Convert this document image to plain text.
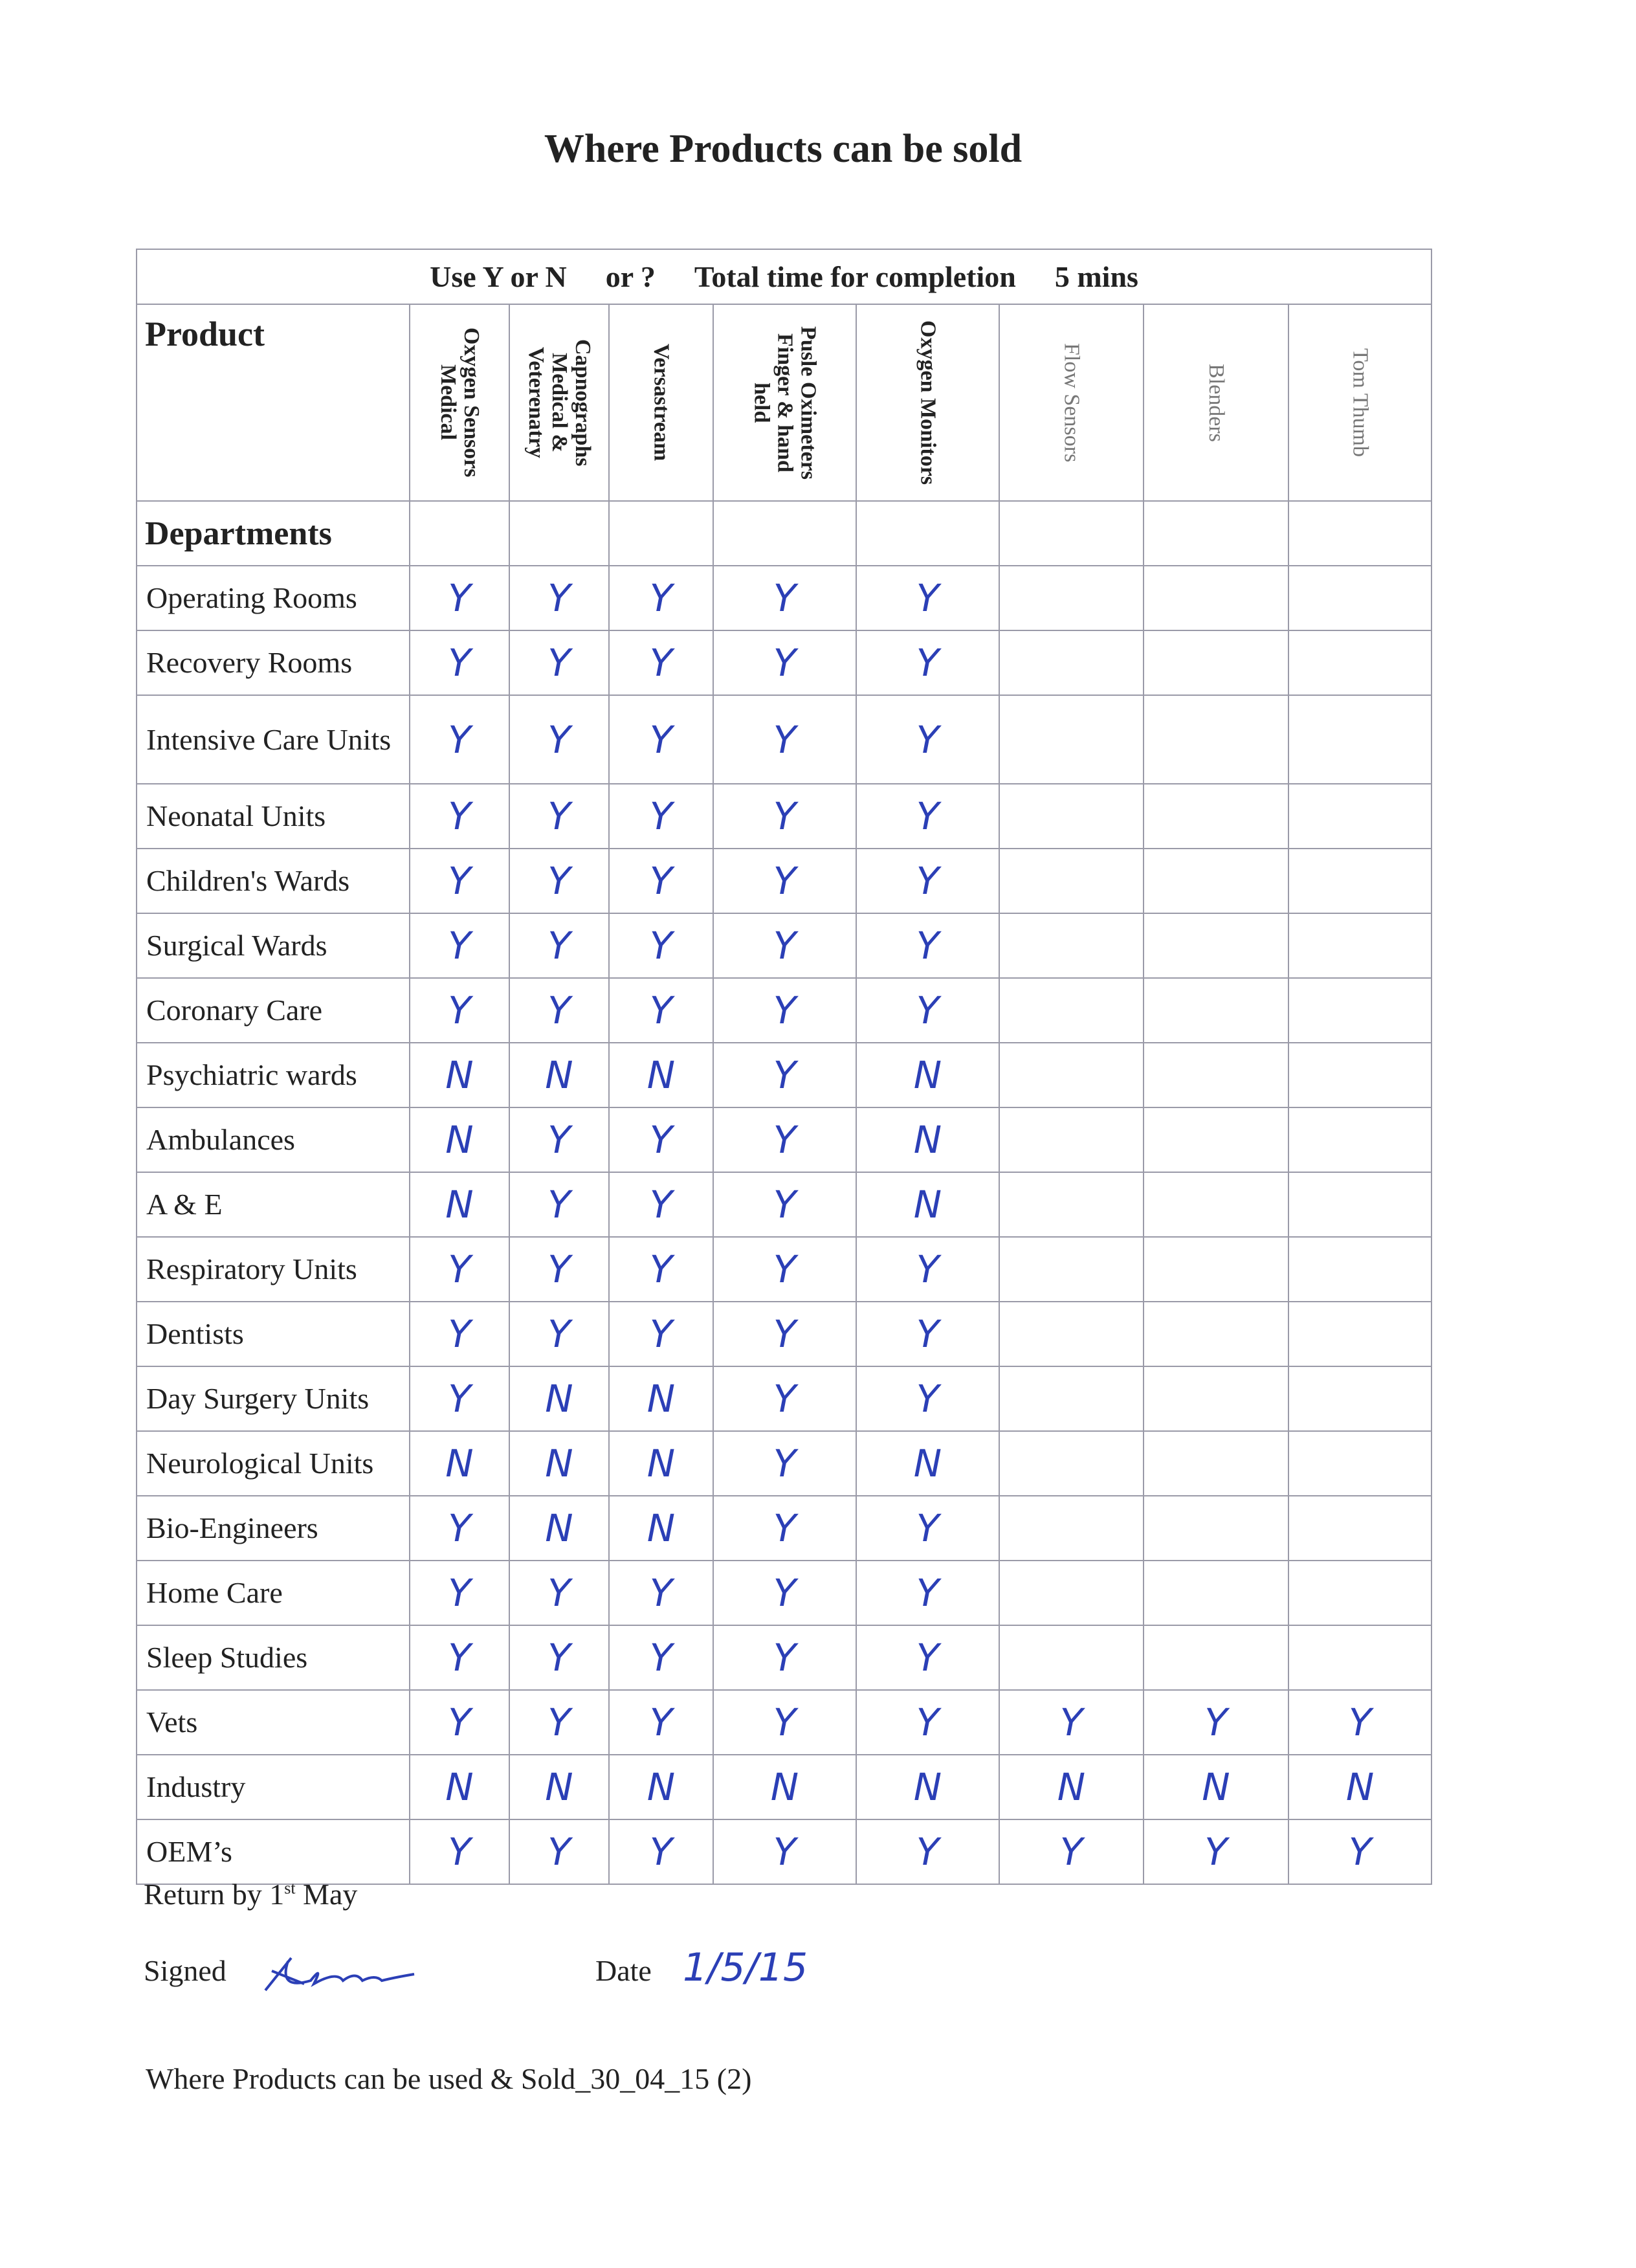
Where Products can be sold
Use Y or N or ? Total time for completion 5 mins								
Product	Oxygen Sensors Medical	Capnographs Medical & Veterenatry	Versastream	Pusle Oximeters Finger & hand held	Oxygen Monitors	Flow Sensors	Blenders	Tom Thumb

Departments								
Operating Rooms	Y	Y	Y	Y	Y			
Recovery Rooms	Y	Y	Y	Y	Y			
Intensive Care Units	Y	Y	Y	Y	Y			
Neonatal Units	Y	Y	Y	Y	Y			
Children's Wards	Y	Y	Y	Y	Y			
Surgical Wards	Y	Y	Y	Y	Y			
Coronary Care	Y	Y	Y	Y	Y			
Psychiatric wards	N	N	N	Y	N			
Ambulances	N	Y	Y	Y	N			
A & E	N	Y	Y	Y	N			
Respiratory Units	Y	Y	Y	Y	Y			
Dentists	Y	Y	Y	Y	Y			
Day Surgery Units	Y	N	N	Y	Y			
Neurological Units	N	N	N	Y	N			
Bio-Engineers	Y	N	N	Y	Y			
Home Care	Y	Y	Y	Y	Y			
Sleep Studies	Y	Y	Y	Y	Y			
Vets	Y	Y	Y	Y	Y	Y	Y	Y
Industry	N	N	N	N	N	N	N	N
OEM’s	Y	Y	Y	Y	Y	Y	Y	Y
Return by 1st May
Signed	Date 1/5/15
Where Products can be used & Sold_30_04_15 (2)
